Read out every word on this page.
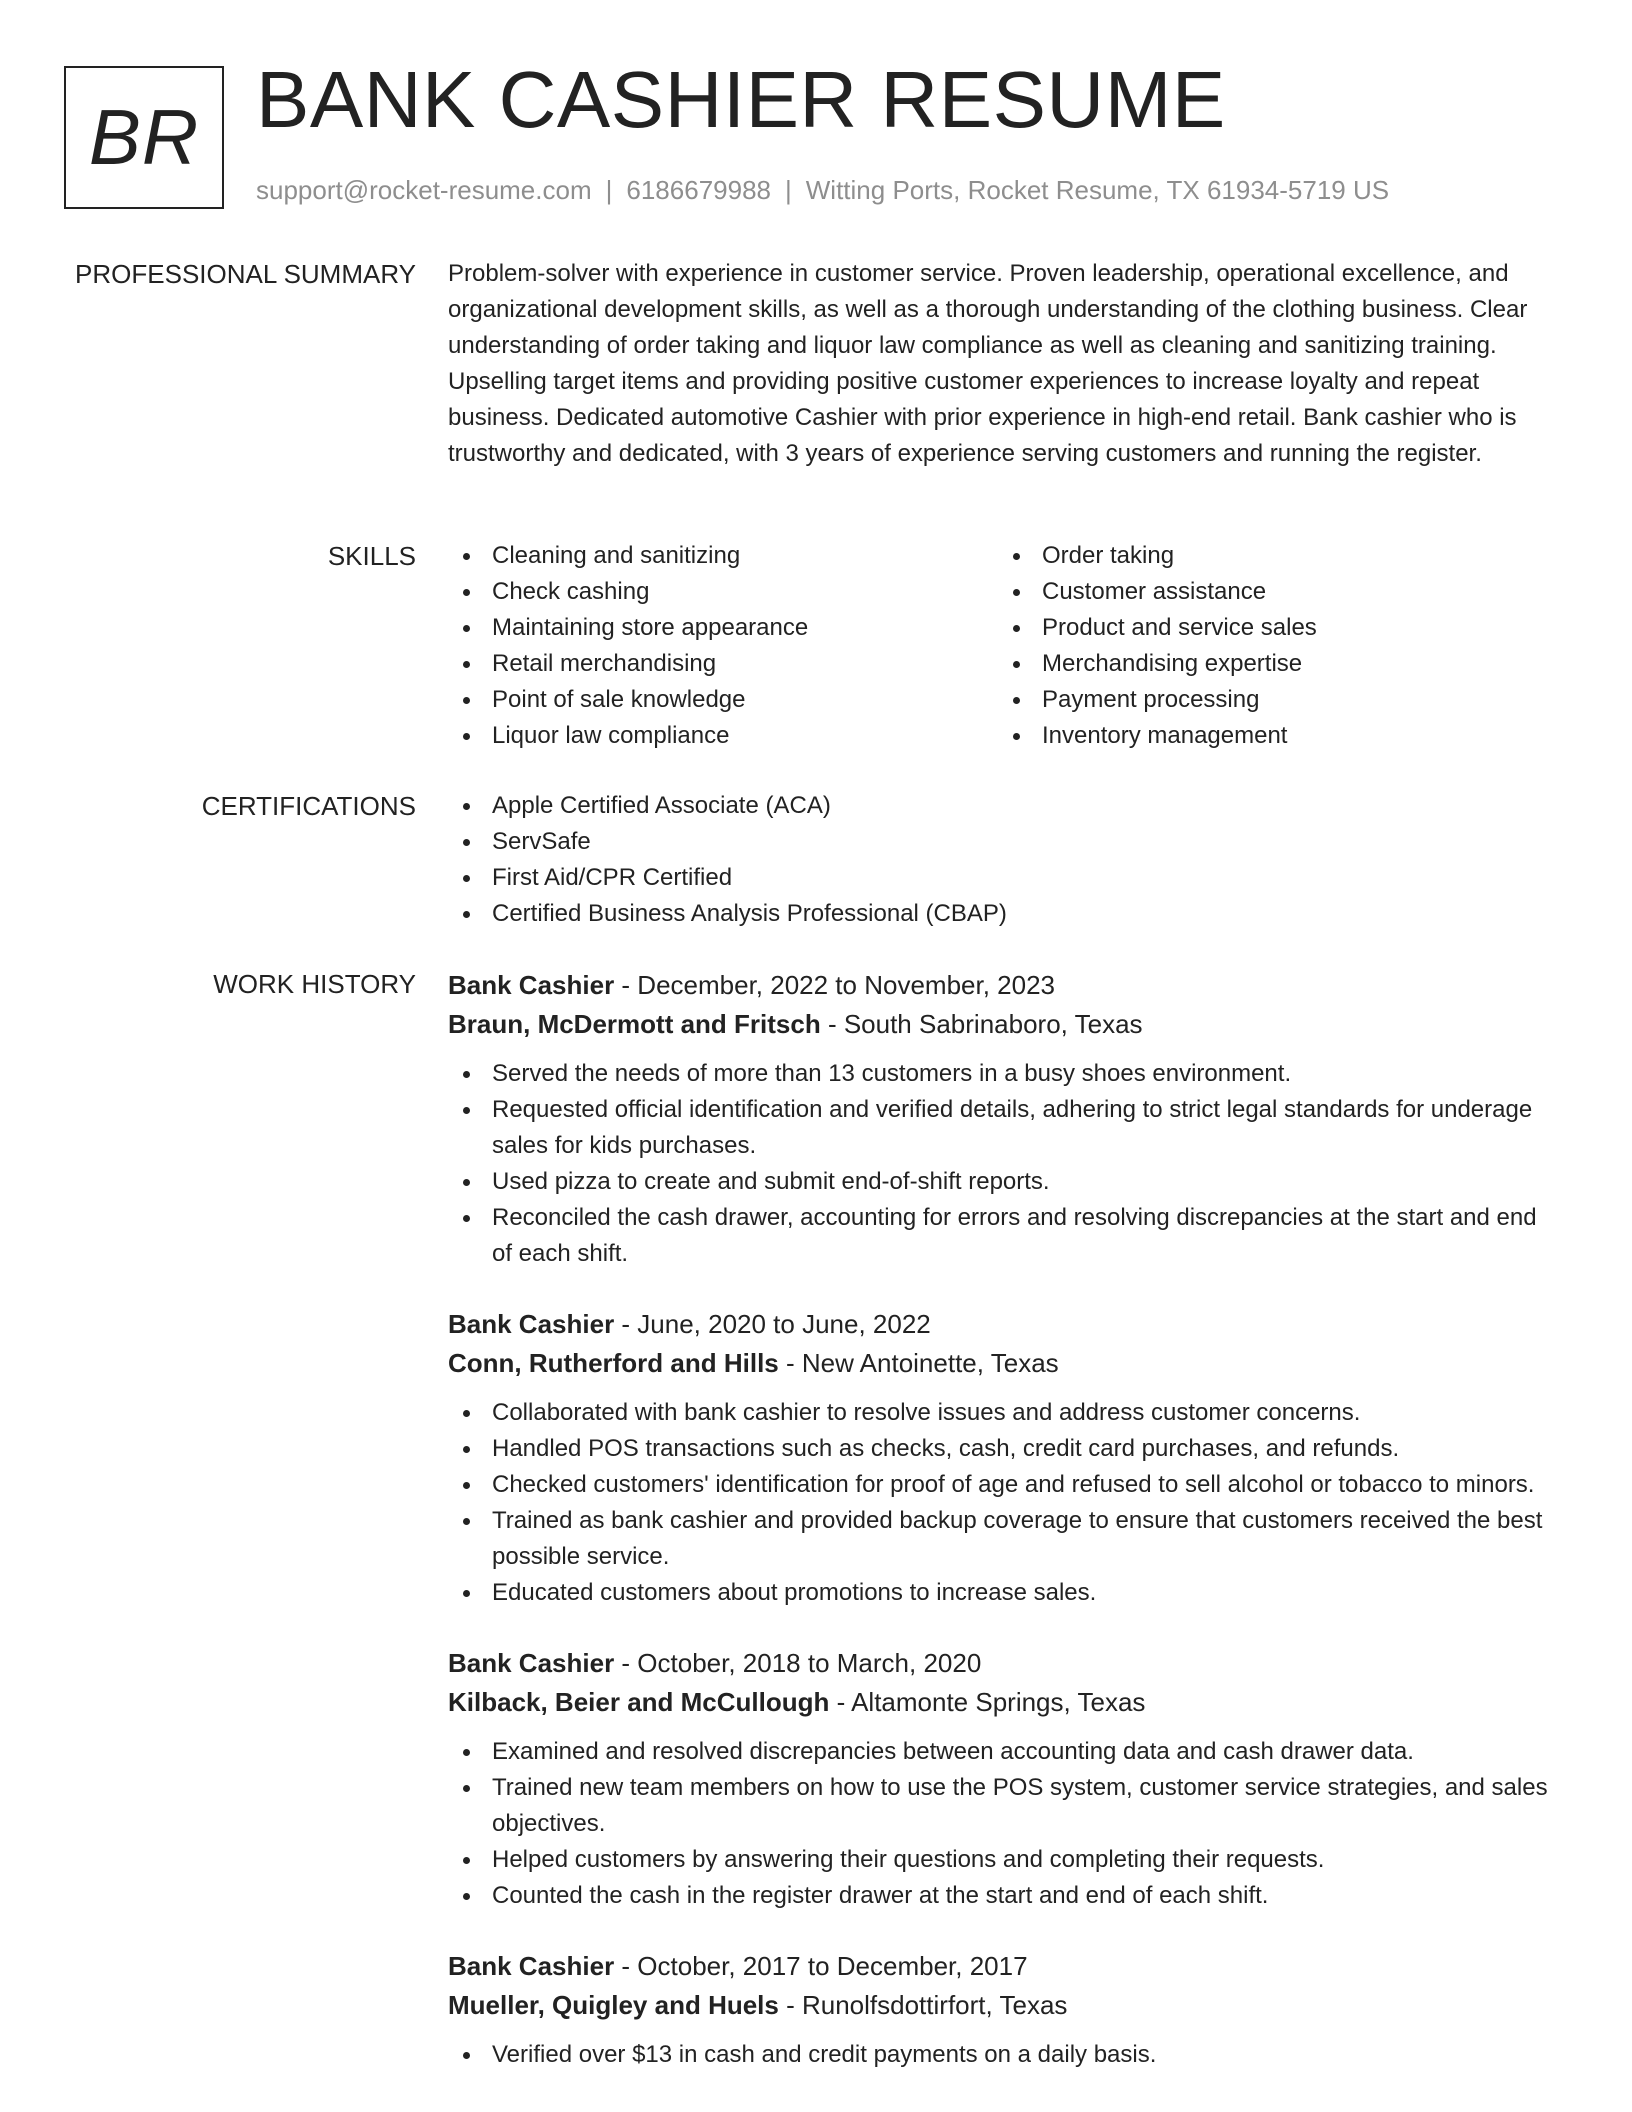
BR BANK CASHIER RESUME
support@rocket-resume.com | 6186679988 | Witting Ports, Rocket Resume, TX 61934-5719 US
PROFESSIONAL SUMMARY Problem-solver with experience in customer service. Proven leadership, operational excellence, and organizational development skills, as well as a thorough understanding of the clothing business. Clear understanding of order taking and liquor law compliance as well as cleaning and sanitizing training. Upselling target items and providing positive customer experiences to increase loyalty and repeat business. Dedicated automotive Cashier with prior experience in high-end retail. Bank cashier who is trustworthy and dedicated, with 3 years of experience serving customers and running the register.
SKILLS	Cleaning and sanitizing
Check cashing
Maintaining store appearance
Retail merchandising
Point of sale knowledge
Liquor law compliance
Order taking
Customer assistance
Product and service sales
Merchandising expertise
Payment processing
Inventory management
CERTIFICATIONS	Apple Certified Associate (ACA)
ServSafe
First Aid/CPR Certified
Certified Business Analysis Professional (CBAP)
WORK HISTORY Bank Cashier - December, 2022 to November, 2023
Braun, McDermott and Fritsch - South Sabrinaboro, Texas
Served the needs of more than 13 customers in a busy shoes environment.
Requested official identification and verified details, adhering to strict legal standards for underage sales for kids purchases.
Used pizza to create and submit end-of-shift reports.
Reconciled the cash drawer, accounting for errors and resolving discrepancies at the start and end of each shift.
Bank Cashier - June, 2020 to June, 2022
Conn, Rutherford and Hills - New Antoinette, Texas
Collaborated with bank cashier to resolve issues and address customer concerns.
Handled POS transactions such as checks, cash, credit card purchases, and refunds.
Checked customers' identification for proof of age and refused to sell alcohol or tobacco to minors.
Trained as bank cashier and provided backup coverage to ensure that customers received the best possible service.
Educated customers about promotions to increase sales.
Bank Cashier - October, 2018 to March, 2020
Kilback, Beier and McCullough - Altamonte Springs, Texas
Examined and resolved discrepancies between accounting data and cash drawer data.
Trained new team members on how to use the POS system, customer service strategies, and sales objectives.
Helped customers by answering their questions and completing their requests.
Counted the cash in the register drawer at the start and end of each shift.
Bank Cashier - October, 2017 to December, 2017
Mueller, Quigley and Huels - Runolfsdottirfort, Texas
Verified over $13 in cash and credit payments on a daily basis.
